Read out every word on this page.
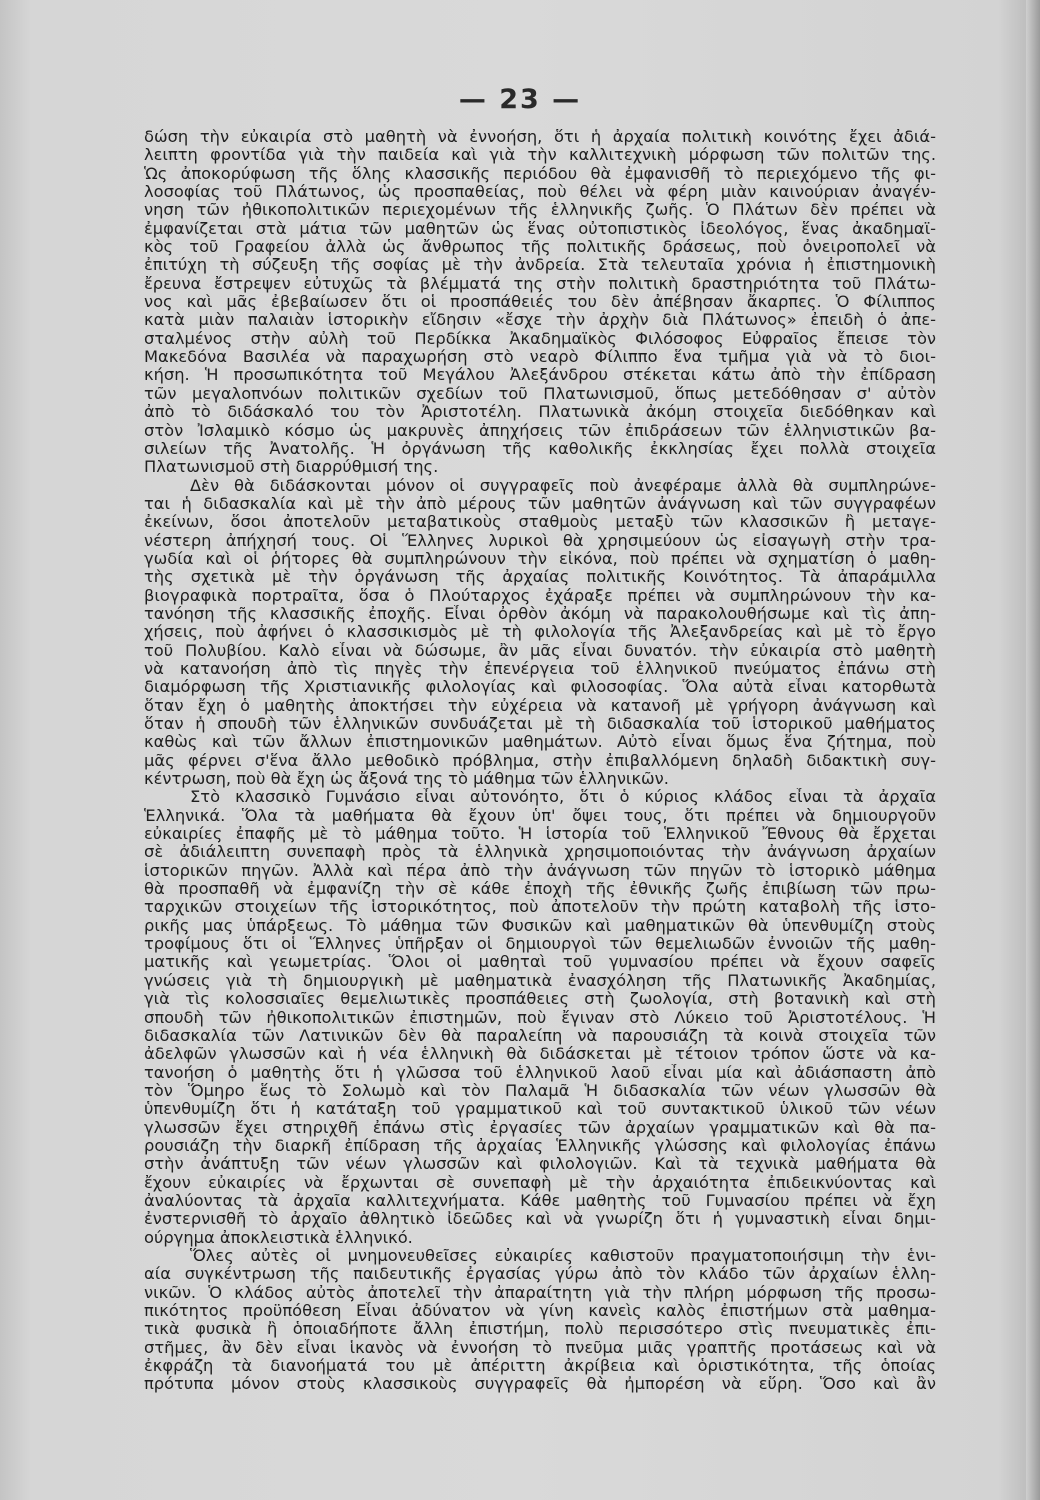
— 23 —
δώση τὴν εὐκαιρία στὸ μαθητὴ νὰ ἐννοήση, ὅτι ἡ ἀρχαία πολιτικὴ κοινότης ἔχει ἀδιά-
λειπτη φροντίδα γιὰ τὴν παιδεία καὶ γιὰ τὴν καλλιτεχνικὴ μόρφωση τῶν πολιτῶν της.
Ὡς ἀποκορύφωση τῆς ὅλης κλασσικῆς περιόδου θὰ ἐμφανισθῆ τὸ περιεχόμενο τῆς φι-
λοσοφίας τοῦ Πλάτωνος, ὡς προσπαθείας, ποὺ θέλει νὰ φέρη μιὰν καινούριαν ἀναγέν-
νηση τῶν ἠθικοπολιτικῶν περιεχομένων τῆς ἑλληνικῆς ζωῆς. Ὁ Πλάτων δὲν πρέπει νὰ
ἐμφανίζεται στὰ μάτια τῶν μαθητῶν ὡς ἕνας οὐτοπιστικὸς ἰδεολόγος, ἕνας ἀκαδημαϊ-
κὸς τοῦ Γραφείου ἀλλὰ ὡς ἄνθρωπος τῆς πολιτικῆς δράσεως, ποὺ ὀνειροπολεῖ νὰ
ἐπιτύχη τὴ σύζευξη τῆς σοφίας μὲ τὴν ἀνδρεία. Στὰ τελευταῖα χρόνια ἡ ἐπιστημονικὴ
ἔρευνα ἔστρεψεν εὐτυχῶς τὰ βλέμματά της στὴν πολιτικὴ δραστηριότητα τοῦ Πλάτω-
νος καὶ μᾶς ἐβεβαίωσεν ὅτι οἱ προσπάθειές του δὲν ἀπέβησαν ἄκαρπες. Ὁ Φίλιππος
κατὰ μιὰν παλαιὰν ἱστορικὴν εἴδησιν «ἔσχε τὴν ἀρχὴν διὰ Πλάτωνος» ἐπειδὴ ὁ ἀπε-
σταλμένος στὴν αὐλὴ τοῦ Περδίκκα Ἀκαδημαϊκὸς Φιλόσοφος Εὐφραῖος ἔπεισε τὸν
Μακεδόνα Βασιλέα νὰ παραχωρήση στὸ νεαρὸ Φίλιππο ἕνα τμῆμα γιὰ νὰ τὸ διοι-
κήση. Ἡ προσωπικότητα τοῦ Μεγάλου Ἀλεξάνδρου στέκεται κάτω ἀπὸ τὴν ἐπίδραση
τῶν μεγαλοπνόων πολιτικῶν σχεδίων τοῦ Πλατωνισμοῦ, ὅπως μετεδόθησαν σ' αὐτὸν
ἀπὸ τὸ διδάσκαλό του τὸν Ἀριστοτέλη. Πλατωνικὰ ἀκόμη στοιχεῖα διεδόθηκαν καὶ
στὸν Ἰσλαμικὸ κόσμο ὡς μακρυνὲς ἀπηχήσεις τῶν ἐπιδράσεων τῶν ἑλληνιστικῶν βα-
σιλείων τῆς Ἀνατολῆς. Ἡ ὀργάνωση τῆς καθολικῆς ἐκκλησίας ἔχει πολλὰ στοιχεῖα
Πλατωνισμοῦ στὴ διαρρύθμισή της.
Δὲν θὰ διδάσκονται μόνον οἱ συγγραφεῖς ποὺ ἀνεφέραμε ἀλλὰ θὰ συμπληρώνε-
ται ἡ διδασκαλία καὶ μὲ τὴν ἀπὸ μέρους τῶν μαθητῶν ἀνάγνωση καὶ τῶν συγγραφέων
ἐκείνων, ὅσοι ἀποτελοῦν μεταβατικοὺς σταθμοὺς μεταξὺ τῶν κλασσικῶν ἢ μεταγε-
νέστερη ἀπήχησή τους. Οἱ Ἕλληνες λυρικοὶ θὰ χρησιμεύουν ὡς εἰσαγωγὴ στὴν τρα-
γωδία καὶ οἱ ῥήτορες θὰ συμπληρώνουν τὴν εἰκόνα, ποὺ πρέπει νὰ σχηματίση ὁ μαθη-
τὴς σχετικὰ μὲ τὴν ὀργάνωση τῆς ἀρχαίας πολιτικῆς Κοινότητος. Τὰ ἀπαράμιλλα
βιογραφικὰ πορτραῖτα, ὅσα ὁ Πλούταρχος ἐχάραξε πρέπει νὰ συμπληρώνουν τὴν κα-
τανόηση τῆς κλασσικῆς ἐποχῆς. Εἶναι ὀρθὸν ἀκόμη νὰ παρακολουθήσωμε καὶ τὶς ἀπη-
χήσεις, ποὺ ἀφήνει ὁ κλασσικισμὸς μὲ τὴ φιλολογία τῆς Ἀλεξανδρείας καὶ μὲ τὸ ἔργο
τοῦ Πολυβίου. Καλὸ εἶναι νὰ δώσωμε, ἂν μᾶς εἶναι δυνατόν. τὴν εὐκαιρία στὸ μαθητὴ
νὰ κατανοήση ἀπὸ τὶς πηγὲς τὴν ἐπενέργεια τοῦ ἑλληνικοῦ πνεύματος ἐπάνω στὴ
διαμόρφωση τῆς Χριστιανικῆς φιλολογίας καὶ φιλοσοφίας. Ὅλα αὐτὰ εἶναι κατορθωτὰ
ὅταν ἔχη ὁ μαθητὴς ἀποκτήσει τὴν εὐχέρεια νὰ κατανοῆ μὲ γρήγορη ἀνάγνωση καὶ
ὅταν ἡ σπουδὴ τῶν ἑλληνικῶν συνδυάζεται μὲ τὴ διδασκαλία τοῦ ἱστορικοῦ μαθήματος
καθὼς καὶ τῶν ἄλλων ἐπιστημονικῶν μαθημάτων. Αὐτὸ εἶναι ὅμως ἕνα ζήτημα, ποὺ
μᾶς φέρνει σ'ἕνα ἄλλο μεθοδικὸ πρόβλημα, στὴν ἐπιβαλλόμενη δηλαδὴ διδακτικὴ συγ-
κέντρωση, ποὺ θὰ ἔχη ὡς ἄξονά της τὸ μάθημα τῶν ἑλληνικῶν.
Στὸ κλασσικὸ Γυμνάσιο εἶναι αὐτονόητο, ὅτι ὁ κύριος κλάδος εἶναι τὰ ἀρχαῖα
Ἑλληνικά. Ὅλα τὰ μαθήματα θὰ ἔχουν ὑπ' ὄψει τους, ὅτι πρέπει νὰ δημιουργοῦν
εὐκαιρίες ἐπαφῆς μὲ τὸ μάθημα τοῦτο. Ἡ ἱστορία τοῦ Ἑλληνικοῦ Ἔθνους θὰ ἔρχεται
σὲ ἀδιάλειπτη συνεπαφὴ πρὸς τὰ ἑλληνικὰ χρησιμοποιόντας τὴν ἀνάγνωση ἀρχαίων
ἱστορικῶν πηγῶν. Ἀλλὰ καὶ πέρα ἀπὸ τὴν ἀνάγνωση τῶν πηγῶν τὸ ἱστορικὸ μάθημα
θὰ προσπαθῆ νὰ ἐμφανίζη τὴν σὲ κάθε ἐποχὴ τῆς ἐθνικῆς ζωῆς ἐπιβίωση τῶν πρω-
ταρχικῶν στοιχείων τῆς ἱστορικότητος, ποὺ ἀποτελοῦν τὴν πρώτη καταβολὴ τῆς ἱστο-
ρικῆς μας ὑπάρξεως. Τὸ μάθημα τῶν Φυσικῶν καὶ μαθηματικῶν θὰ ὑπενθυμίζη στοὺς
τροφίμους ὅτι οἱ Ἕλληνες ὑπῆρξαν οἱ δημιουργοὶ τῶν θεμελιωδῶν ἐννοιῶν τῆς μαθη-
ματικῆς καὶ γεωμετρίας. Ὅλοι οἱ μαθηταὶ τοῦ γυμνασίου πρέπει νὰ ἔχουν σαφεῖς
γνώσεις γιὰ τὴ δημιουργικὴ μὲ μαθηματικὰ ἐνασχόληση τῆς Πλατωνικῆς Ἀκαδημίας,
γιὰ τὶς κολοσσιαῖες θεμελιωτικὲς προσπάθειες στὴ ζωολογία, στὴ βοτανικὴ καὶ στὴ
σπουδὴ τῶν ἠθικοπολιτικῶν ἐπιστημῶν, ποὺ ἔγιναν στὸ Λύκειο τοῦ Ἀριστοτέλους. Ἡ
διδασκαλία τῶν Λατινικῶν δὲν θὰ παραλείπη νὰ παρουσιάζη τὰ κοινὰ στοιχεῖα τῶν
ἀδελφῶν γλωσσῶν καὶ ἡ νέα ἑλληνικὴ θὰ διδάσκεται μὲ τέτοιον τρόπον ὥστε νὰ κα-
τανοήση ὁ μαθητὴς ὅτι ἡ γλῶσσα τοῦ ἑλληνικοῦ λαοῦ εἶναι μία καὶ ἀδιάσπαστη ἀπὸ
τὸν Ὅμηρο ἕως τὸ Σολωμὸ καὶ τὸν Παλαμᾶ Ἡ διδασκαλία τῶν νέων γλωσσῶν θὰ
ὑπενθυμίζη ὅτι ἡ κατάταξη τοῦ γραμματικοῦ καὶ τοῦ συντακτικοῦ ὑλικοῦ τῶν νέων
γλωσσῶν ἔχει στηριχθῆ ἐπάνω στὶς ἐργασίες τῶν ἀρχαίων γραμματικῶν καὶ θὰ πα-
ρουσιάζη τὴν διαρκῆ ἐπίδραση τῆς ἀρχαίας Ἑλληνικῆς γλώσσης καὶ φιλολογίας ἐπάνω
στὴν ἀνάπτυξη τῶν νέων γλωσσῶν καὶ φιλολογιῶν. Καὶ τὰ τεχνικὰ μαθήματα θὰ
ἔχουν εὐκαιρίες νὰ ἔρχωνται σὲ συνεπαφὴ μὲ τὴν ἀρχαιότητα ἐπιδεικνύοντας καὶ
ἀναλύοντας τὰ ἀρχαῖα καλλιτεχνήματα. Κάθε μαθητὴς τοῦ Γυμνασίου πρέπει νὰ ἔχη
ἐνστερνισθῆ τὸ ἀρχαῖο ἀθλητικὸ ἰδεῶδες καὶ νὰ γνωρίζη ὅτι ἡ γυμναστικὴ εἶναι δημι-
ούργημα ἀποκλειστικὰ ἑλληνικό.
Ὅλες αὐτὲς οἱ μνημονευθεῖσες εὐκαιρίες καθιστοῦν πραγματοποιήσιμη τὴν ἑνι-
αία συγκέντρωση τῆς παιδευτικῆς ἐργασίας γύρω ἀπὸ τὸν κλάδο τῶν ἀρχαίων ἑλλη-
νικῶν. Ὁ κλάδος αὐτὸς ἀποτελεῖ τὴν ἀπαραίτητη γιὰ τὴν πλήρη μόρφωση τῆς προσω-
πικότητος προϋπόθεση Εἶναι ἀδύνατον νὰ γίνη κανεὶς καλὸς ἐπιστήμων στὰ μαθημα-
τικὰ φυσικὰ ἢ ὁποιαδήποτε ἄλλη ἐπιστήμη, πολὺ περισσότερο στὶς πνευματικὲς ἐπι-
στῆμες, ἂν δὲν εἶναι ἱκανὸς νὰ ἐννοήση τὸ πνεῦμα μιᾶς γραπτῆς προτάσεως καὶ νὰ
ἐκφράζη τὰ διανοήματά του μὲ ἀπέριττη ἀκρίβεια καὶ ὁριστικότητα, τῆς ὁποίας
πρότυπα μόνον στοὺς κλασσικοὺς συγγραφεῖς θὰ ἠμπορέση νὰ εὕρη. Ὅσο καὶ ἂν
